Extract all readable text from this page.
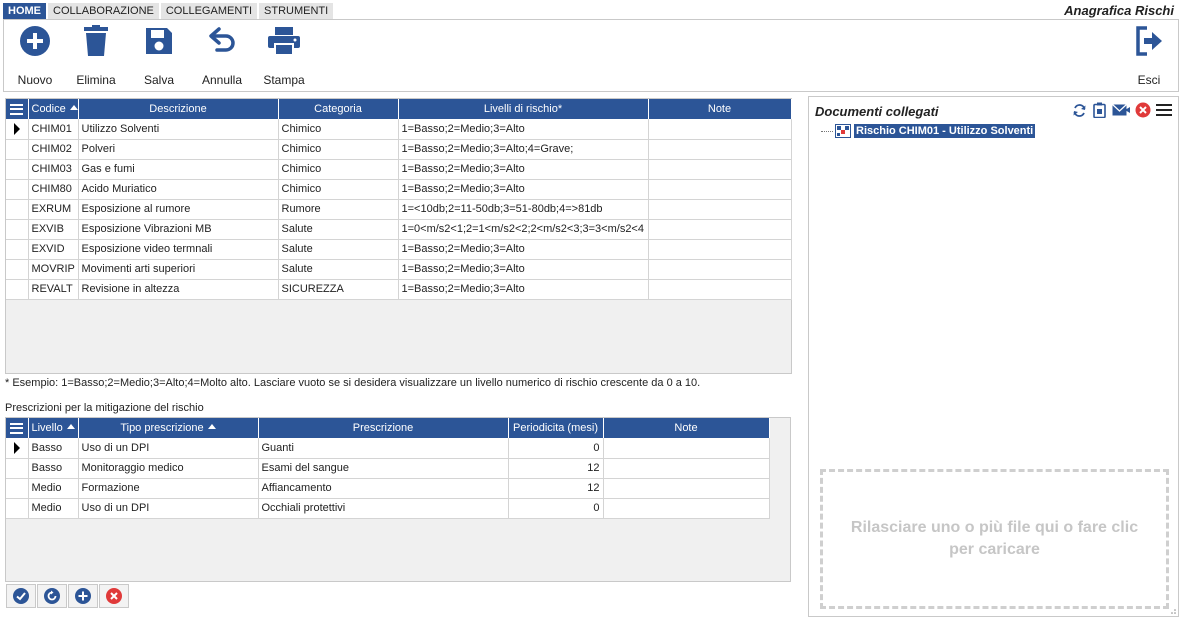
HOME	COLLABORAZIONE	COLLEGAMENTI	STRUMENTI	Anagrafica Rischi
Nuovo	Elimina	Salva	Annulla	Stampa	Esci
	Codice	Descrizione	Categoria	Livelli di rischio*	Note
	CHIM01	Utilizzo Solventi	Chimico	1=Basso;2=Medio;3=Alto	
	CHIM02	Polveri	Chimico	1=Basso;2=Medio;3=Alto;4=Grave;	
	CHIM03	Gas e fumi	Chimico	1=Basso;2=Medio;3=Alto	
	CHIM80	Acido Muriatico	Chimico	1=Basso;2=Medio;3=Alto	
	EXRUM	Esposizione al rumore	Rumore	1=<10db;2=11-50db;3=51-80db;4=>81db	
	EXVIB	Esposizione Vibrazioni MB	Salute	1=0<m/s2<1;2=1<m/s2<2;2<m/s2<3;3=3<m/s2<4	
	EXVID	Esposizione video termnali	Salute	1=Basso;2=Medio;3=Alto	
	MOVRIP	Movimenti arti superiori	Salute	1=Basso;2=Medio;3=Alto	
	REVALT	Revisione in altezza	SICUREZZA	1=Basso;2=Medio;3=Alto	
* Esempio: 1=Basso;2=Medio;3=Alto;4=Molto alto. Lasciare vuoto se si desidera visualizzare un livello numerico di rischio crescente da 0 a 10.
Prescrizioni per la mitigazione del rischio
	Livello	Tipo prescrizione	Prescrizione	Periodicita (mesi)	Note
	Basso	Uso di un DPI	Guanti	0	
	Basso	Monitoraggio medico	Esami del sangue	12	
	Medio	Formazione	Affiancamento	12	
	Medio	Uso di un DPI	Occhiali protettivi	0	
Documenti collegati
Rischio CHIM01 - Utilizzo Solventi
Rilasciare uno o più file qui o fare clic per caricare
